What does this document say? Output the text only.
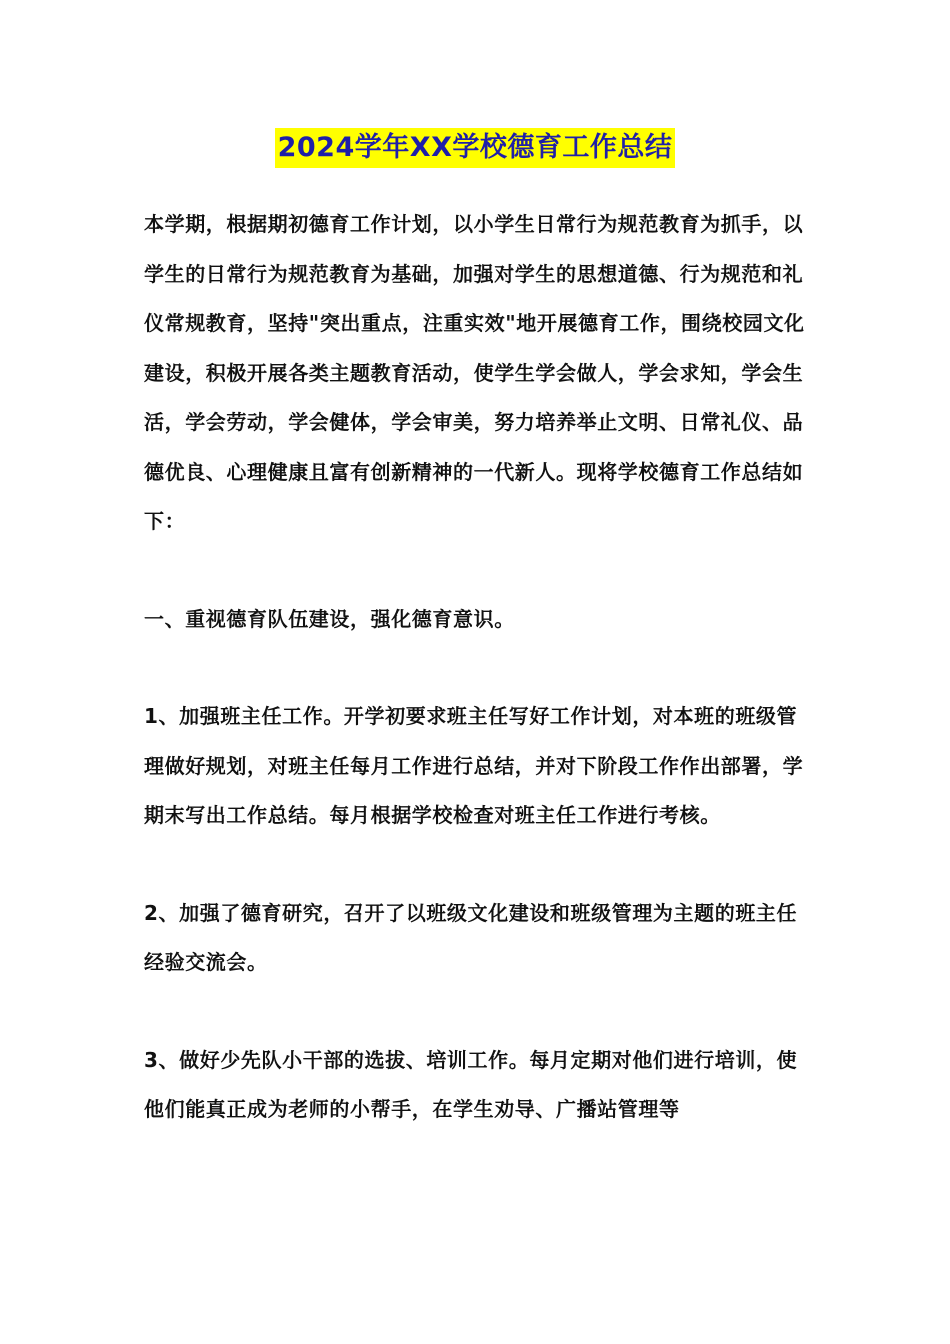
2024学年XX学校德育工作总结

本学期，根据期初德育工作计划，以小学生日常行为规范教育为抓手，以学生的日常行为规范教育为基础，加强对学生的思想道德、行为规范和礼仪常规教育，坚持"突出重点，注重实效"地开展德育工作，围绕校园文化建设，积极开展各类主题教育活动，使学生学会做人，学会求知，学会生活，学会劳动，学会健体，学会审美，努力培养举止文明、日常礼仪、品德优良、心理健康且富有创新精神的一代新人。现将学校德育工作总结如下：

一、重视德育队伍建设，强化德育意识。

1、加强班主任工作。开学初要求班主任写好工作计划，对本班的班级管理做好规划，对班主任每月工作进行总结，并对下阶段工作作出部署，学期末写出工作总结。每月根据学校检查对班主任工作进行考核。

2、加强了德育研究，召开了以班级文化建设和班级管理为主题的班主任经验交流会。

3、做好少先队小干部的选拔、培训工作。每月定期对他们进行培训，使他们能真正成为老师的小帮手，在学生劝导、广播站管理等
